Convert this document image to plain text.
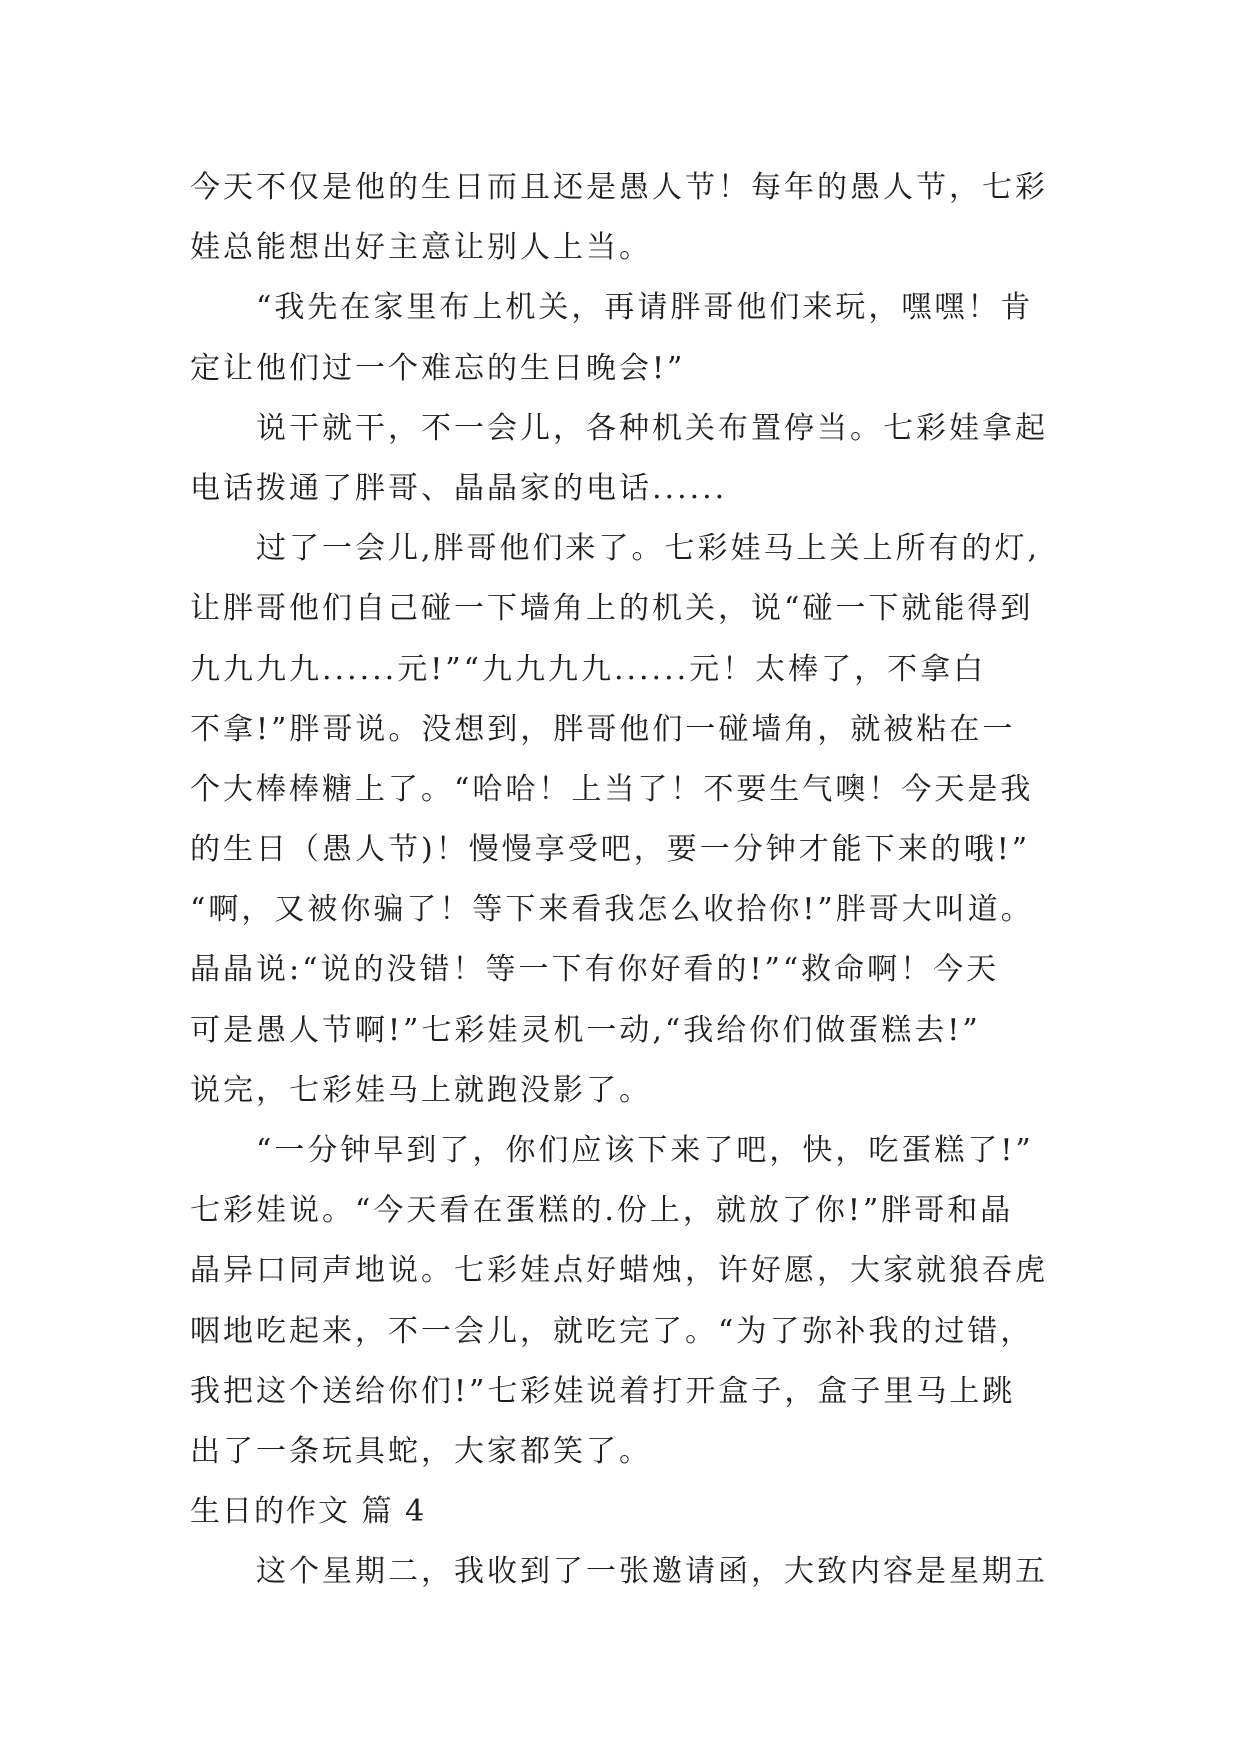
今天不仅是他的生日而且还是愚人节！每年的愚人节，七彩
娃总能想出好主意让别人上当。
“我先在家里布上机关，再请胖哥他们来玩，嘿嘿！肯
定让他们过一个难忘的生日晚会!”
说干就干，不一会儿，各种机关布置停当。七彩娃拿起
电话拨通了胖哥、晶晶家的电话......
过了一会儿,胖哥他们来了。七彩娃马上关上所有的灯,
让胖哥他们自己碰一下墙角上的机关，说“碰一下就能得到
九九九九......元!”“九九九九......元！太棒了，不拿白
不拿!”胖哥说。没想到，胖哥他们一碰墙角，就被粘在一
个大棒棒糖上了。“哈哈！上当了！不要生气噢！今天是我
的生日（愚人节)！慢慢享受吧，要一分钟才能下来的哦!”
“啊，又被你骗了！等下来看我怎么收拾你!”胖哥大叫道。
晶晶说:“说的没错！等一下有你好看的!”“救命啊！今天
可是愚人节啊!”七彩娃灵机一动,“我给你们做蛋糕去!”
说完，七彩娃马上就跑没影了。
“一分钟早到了，你们应该下来了吧，快，吃蛋糕了!”
七彩娃说。“今天看在蛋糕的.份上，就放了你!”胖哥和晶
晶异口同声地说。七彩娃点好蜡烛，许好愿，大家就狼吞虎
咽地吃起来，不一会儿，就吃完了。“为了弥补我的过错，
我把这个送给你们!”七彩娃说着打开盒子，盒子里马上跳
出了一条玩具蛇，大家都笑了。
生日的作文 篇 4
这个星期二，我收到了一张邀请函，大致内容是星期五
